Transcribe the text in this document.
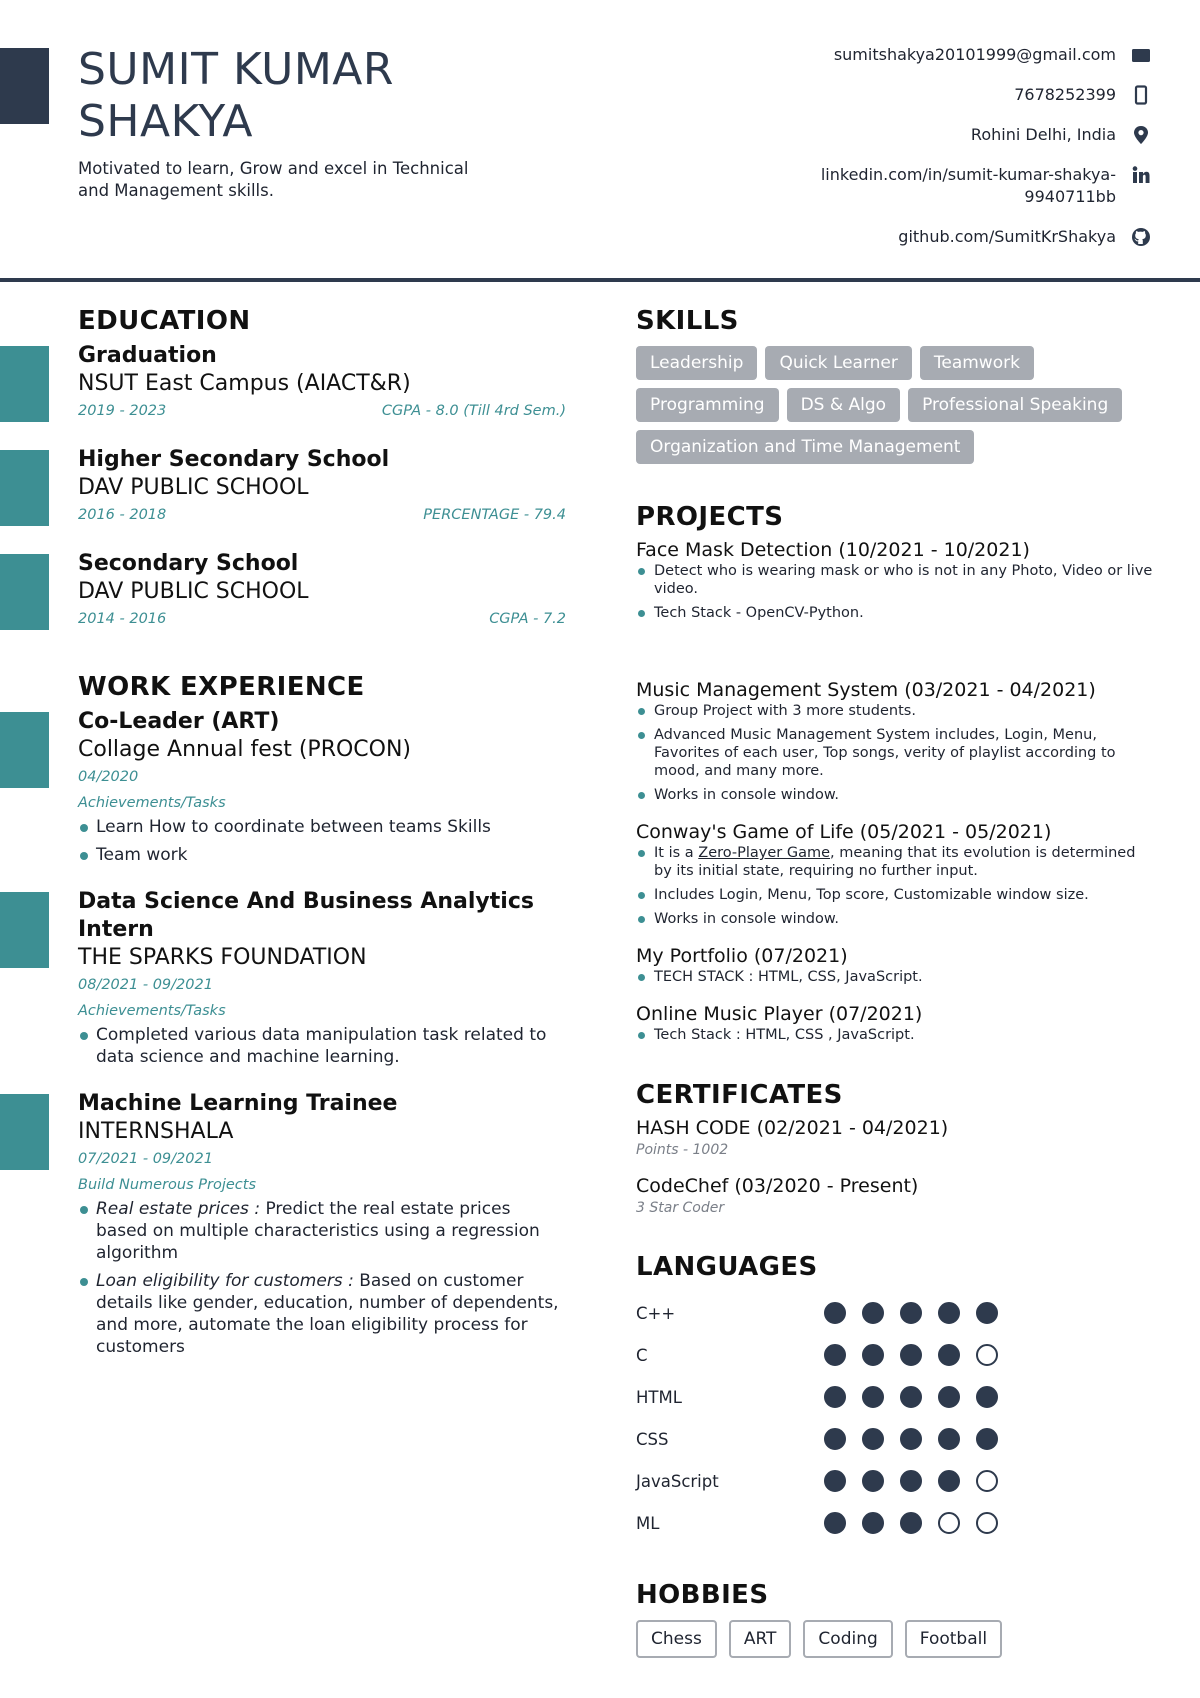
SUMIT KUMAR
SHAKYA
Motivated to learn, Grow and excel in Technical and Management skills.
sumitshakya20101999@gmail.com
7678252399
Rohini Delhi, India
linkedin.com/in/sumit-kumar-shakya-9940711bb
github.com/SumitKrShakya
EDUCATION
Graduation
NSUT East Campus (AIACT&R)
2019 - 2023	CGPA - 8.0 (Till 4rd Sem.)
Higher Secondary School
DAV PUBLIC SCHOOL
2016 - 2018	PERCENTAGE - 79.4
Secondary School
DAV PUBLIC SCHOOL
2014 - 2016	CGPA - 7.2
WORK EXPERIENCE
Co-Leader (ART)
Collage Annual fest (PROCON)
04/2020
Achievements/Tasks
Learn How to coordinate between teams Skills
Team work
Data Science And Business Analytics Intern
THE SPARKS FOUNDATION
08/2021 - 09/2021
Achievements/Tasks
Completed various data manipulation task related to data science and machine learning.
Machine Learning Trainee
INTERNSHALA
07/2021 - 09/2021
Build Numerous Projects
Real estate prices : Predict the real estate prices based on multiple characteristics using a regression algorithm
Loan eligibility for customers : Based on customer details like gender, education, number of dependents, and more, automate the loan eligibility process for customers
SKILLS
Leadership	Quick Learner	Teamwork
Programming	DS & Algo	Professional Speaking
Organization and Time Management
PROJECTS
Face Mask Detection (10/2021 - 10/2021)
Detect who is wearing mask or who is not in any Photo, Video or live video.
Tech Stack - OpenCV-Python.
Music Management System (03/2021 - 04/2021)
Group Project with 3 more students.
Advanced Music Management System includes, Login, Menu, Favorites of each user, Top songs, verity of playlist according to mood, and many more.
Works in console window.
Conway's Game of Life (05/2021 - 05/2021)
It is a Zero-Player Game, meaning that its evolution is determined by its initial state, requiring no further input.
Includes Login, Menu, Top score, Customizable window size.
Works in console window.
My Portfolio (07/2021)
TECH STACK : HTML, CSS, JavaScript.
Online Music Player (07/2021)
Tech Stack : HTML, CSS , JavaScript.
CERTIFICATES
HASH CODE (02/2021 - 04/2021)
Points - 1002
CodeChef (03/2020 - Present)
3 Star Coder
LANGUAGES
C++
C
HTML
CSS
JavaScript
ML
HOBBIES
Chess	ART	Coding	Football
